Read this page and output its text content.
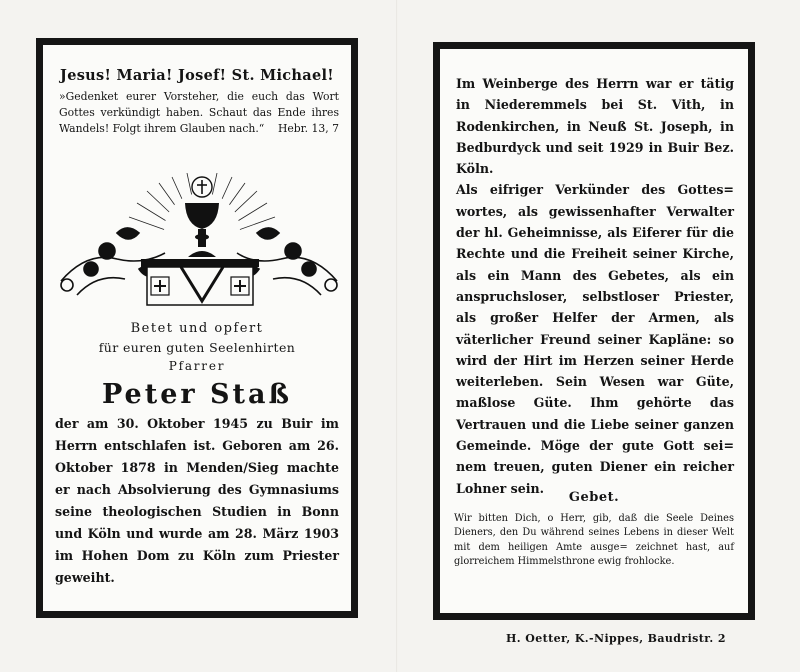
Jesus! Maria! Josef! St. Michael!
»Gedenket eurer Vorsteher, die euch das Wort Gottes verkündigt haben. Schaut das Ende ihres Wandels! Folgt ihrem Glauben nach.“ Hebr. 13, 7
Betet und opfert
für euren guten Seelenhirten
Pfarrer
Peter Staß
der am 30. Oktober 1945 zu Buir im Herrn entschlafen ist. Geboren am 26. Oktober 1878 in Menden/Sieg machte er nach Absolvierung des Gymnasiums seine theologischen Studien in Bonn und Köln und wurde am 28. März 1903 im Hohen Dom zu Köln zum Priester geweiht.
Im Weinberge des Herrn war er tätig in Niederemmels bei St. Vith, in Rodenkirchen, in Neuß St. Joseph, in Bedburdyck und seit 1929 in Buir Bez. Köln.
Als eifriger Verkünder des Gottes= wortes, als gewissenhafter Verwalter der hl. Geheimnisse, als Eiferer für die Rechte und die Freiheit seiner Kirche, als ein Mann des Gebetes, als ein anspruchsloser, selbstloser Priester, als großer Helfer der Armen, als väterlicher Freund seiner Kapläne: so wird der Hirt im Herzen seiner Herde weiterleben. Sein Wesen war Güte, maßlose Güte. Ihm gehörte das Vertrauen und die Liebe seiner ganzen Gemeinde. Möge der gute Gott sei= nem treuen, guten Diener ein reicher Lohner sein.
Gebet.
Wir bitten Dich, o Herr, gib, daß die Seele Deines Dieners, den Du während seines Lebens in dieser Welt mit dem heiligen Amte ausge= zeichnet hast, auf glorreichem Himmelsthrone ewig frohlocke.
H. Oetter, K.-Nippes, Baudristr. 2
